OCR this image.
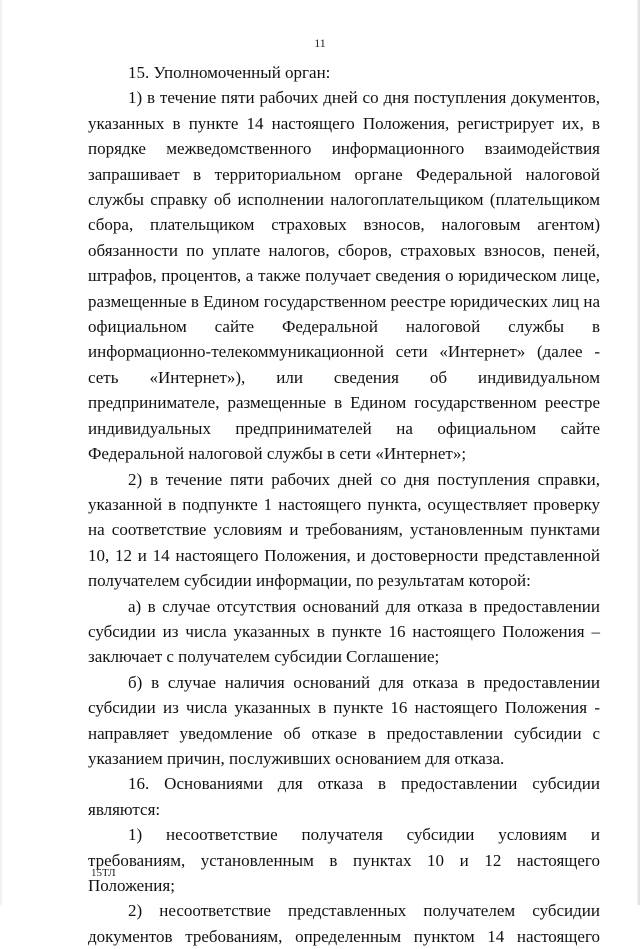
11

15. Уполномоченный орган:

1) в течение пяти рабочих дней со дня поступления документов, указанных в пункте 14 настоящего Положения, регистрирует их, в порядке межведомственного информационного взаимодействия запрашивает в территориальном органе Федеральной налоговой службы справку об исполнении налогоплательщиком (плательщиком сбора, плательщиком страховых взносов, налоговым агентом) обязанности по уплате налогов, сборов, страховых взносов, пеней, штрафов, процентов, а также получает сведения о юридическом лице, размещенные в Едином государственном реестре юридических лиц на официальном сайте Федеральной налоговой службы в информационно-телекоммуникационной сети «Интернет» (далее - сеть «Интернет»), или сведения об индивидуальном предпринимателе, размещенные в Едином государственном реестре индивидуальных предпринимателей на официальном сайте Федеральной налоговой службы в сети «Интернет»;

2) в течение пяти рабочих дней со дня поступления справки, указанной в подпункте 1 настоящего пункта, осуществляет проверку на соответствие условиям и требованиям, установленным пунктами 10, 12 и 14 настоящего Положения, и достоверности представленной получателем субсидии информации, по результатам которой:

а) в случае отсутствия оснований для отказа в предоставлении субсидии из числа указанных в пункте 16 настоящего Положения – заключает с получателем субсидии Соглашение;

б) в случае наличия оснований для отказа в предоставлении субсидии из числа указанных в пункте 16 настоящего Положения - направляет уведомление об отказе в предоставлении субсидии с указанием причин, послуживших основанием для отказа.

16. Основаниями для отказа в предоставлении субсидии являются:

1) несоответствие получателя субсидии условиям и требованиям, установленным в пунктах 10 и 12 настоящего Положения;

2) несоответствие представленных получателем субсидии документов требованиям, определенным пунктом 14 настоящего

15ТЛ
